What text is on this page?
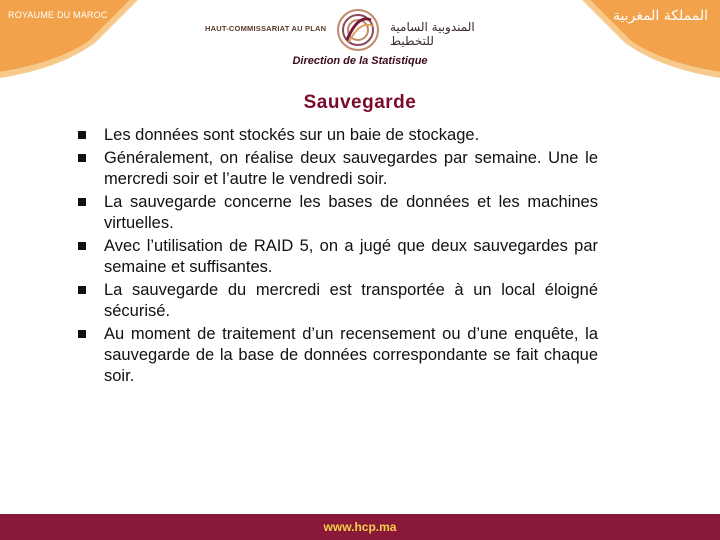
ROYAUME DU MAROC	المملكة المغربية
HAUT-COMMISSARIAT AU PLAN	المندوبية السامية للتخطيط
Direction de la Statistique
Sauvegarde
Les données sont stockés sur un baie de stockage.
Généralement, on réalise deux sauvegardes par semaine. Une le mercredi soir et l’autre le vendredi soir.
La sauvegarde concerne les bases de données et les machines virtuelles.
Avec l’utilisation de RAID 5, on a jugé que deux sauvegardes par semaine et suffisantes.
La sauvegarde du mercredi est transportée à un local éloigné sécurisé.
Au moment de traitement d’un recensement ou d’une enquête, la sauvegarde de la base de données correspondante se fait chaque soir.
www.hcp.ma
